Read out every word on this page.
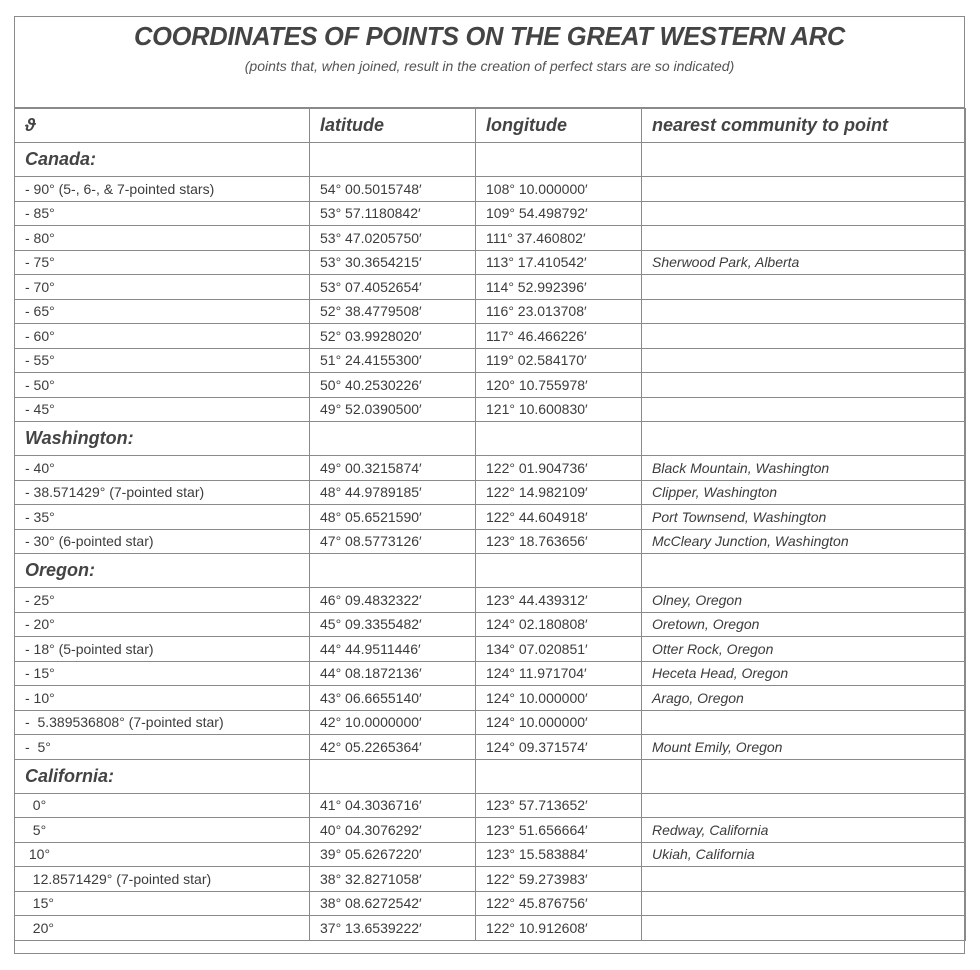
COORDINATES OF POINTS ON THE GREAT WESTERN ARC
(points that, when joined, result in the creation of perfect stars are so indicated)
ϑ	latitude	longitude	nearest community to point
Canada:			
- 90° (5-, 6-, & 7-pointed stars)	54° 00.5015748′	108° 10.000000′	
- 85°	53° 57.1180842′	109° 54.498792′	
- 80°	53° 47.0205750′	111° 37.460802′	
- 75°	53° 30.3654215′	113° 17.410542′	Sherwood Park, Alberta
- 70°	53° 07.4052654′	114° 52.992396′	
- 65°	52° 38.4779508′	116° 23.013708′	
- 60°	52° 03.9928020′	117° 46.466226′	
- 55°	51° 24.4155300′	119° 02.584170′	
- 50°	50° 40.2530226′	120° 10.755978′	
- 45°	49° 52.0390500′	121° 10.600830′	
Washington:			
- 40°	49° 00.3215874′	122° 01.904736′	Black Mountain, Washington
- 38.571429° (7-pointed star)	48° 44.9789185′	122° 14.982109′	Clipper, Washington
- 35°	48° 05.6521590′	122° 44.604918′	Port Townsend, Washington
- 30° (6-pointed star)	47° 08.5773126′	123° 18.763656′	McCleary Junction, Washington
Oregon:			
- 25°	46° 09.4832322′	123° 44.439312′	Olney, Oregon
- 20°	45° 09.3355482′	124° 02.180808′	Oretown, Oregon
- 18° (5-pointed star)	44° 44.9511446′	134° 07.020851′	Otter Rock, Oregon
- 15°	44° 08.1872136′	124° 11.971704′	Heceta Head, Oregon
- 10°	43° 06.6655140′	124° 10.000000′	Arago, Oregon
-  5.389536808° (7-pointed star)	42° 10.0000000′	124° 10.000000′	
-  5°	42° 05.2265364′	124° 09.371574′	Mount Emily, Oregon
California:			
0°	41° 04.3036716′	123° 57.713652′	
5°	40° 04.3076292′	123° 51.656664′	Redway, California
10°	39° 05.6267220′	123° 15.583884′	Ukiah, California
12.8571429° (7-pointed star)	38° 32.8271058′	122° 59.273983′	
15°	38° 08.6272542′	122° 45.876756′	
20°	37° 13.6539222′	122° 10.912608′	
